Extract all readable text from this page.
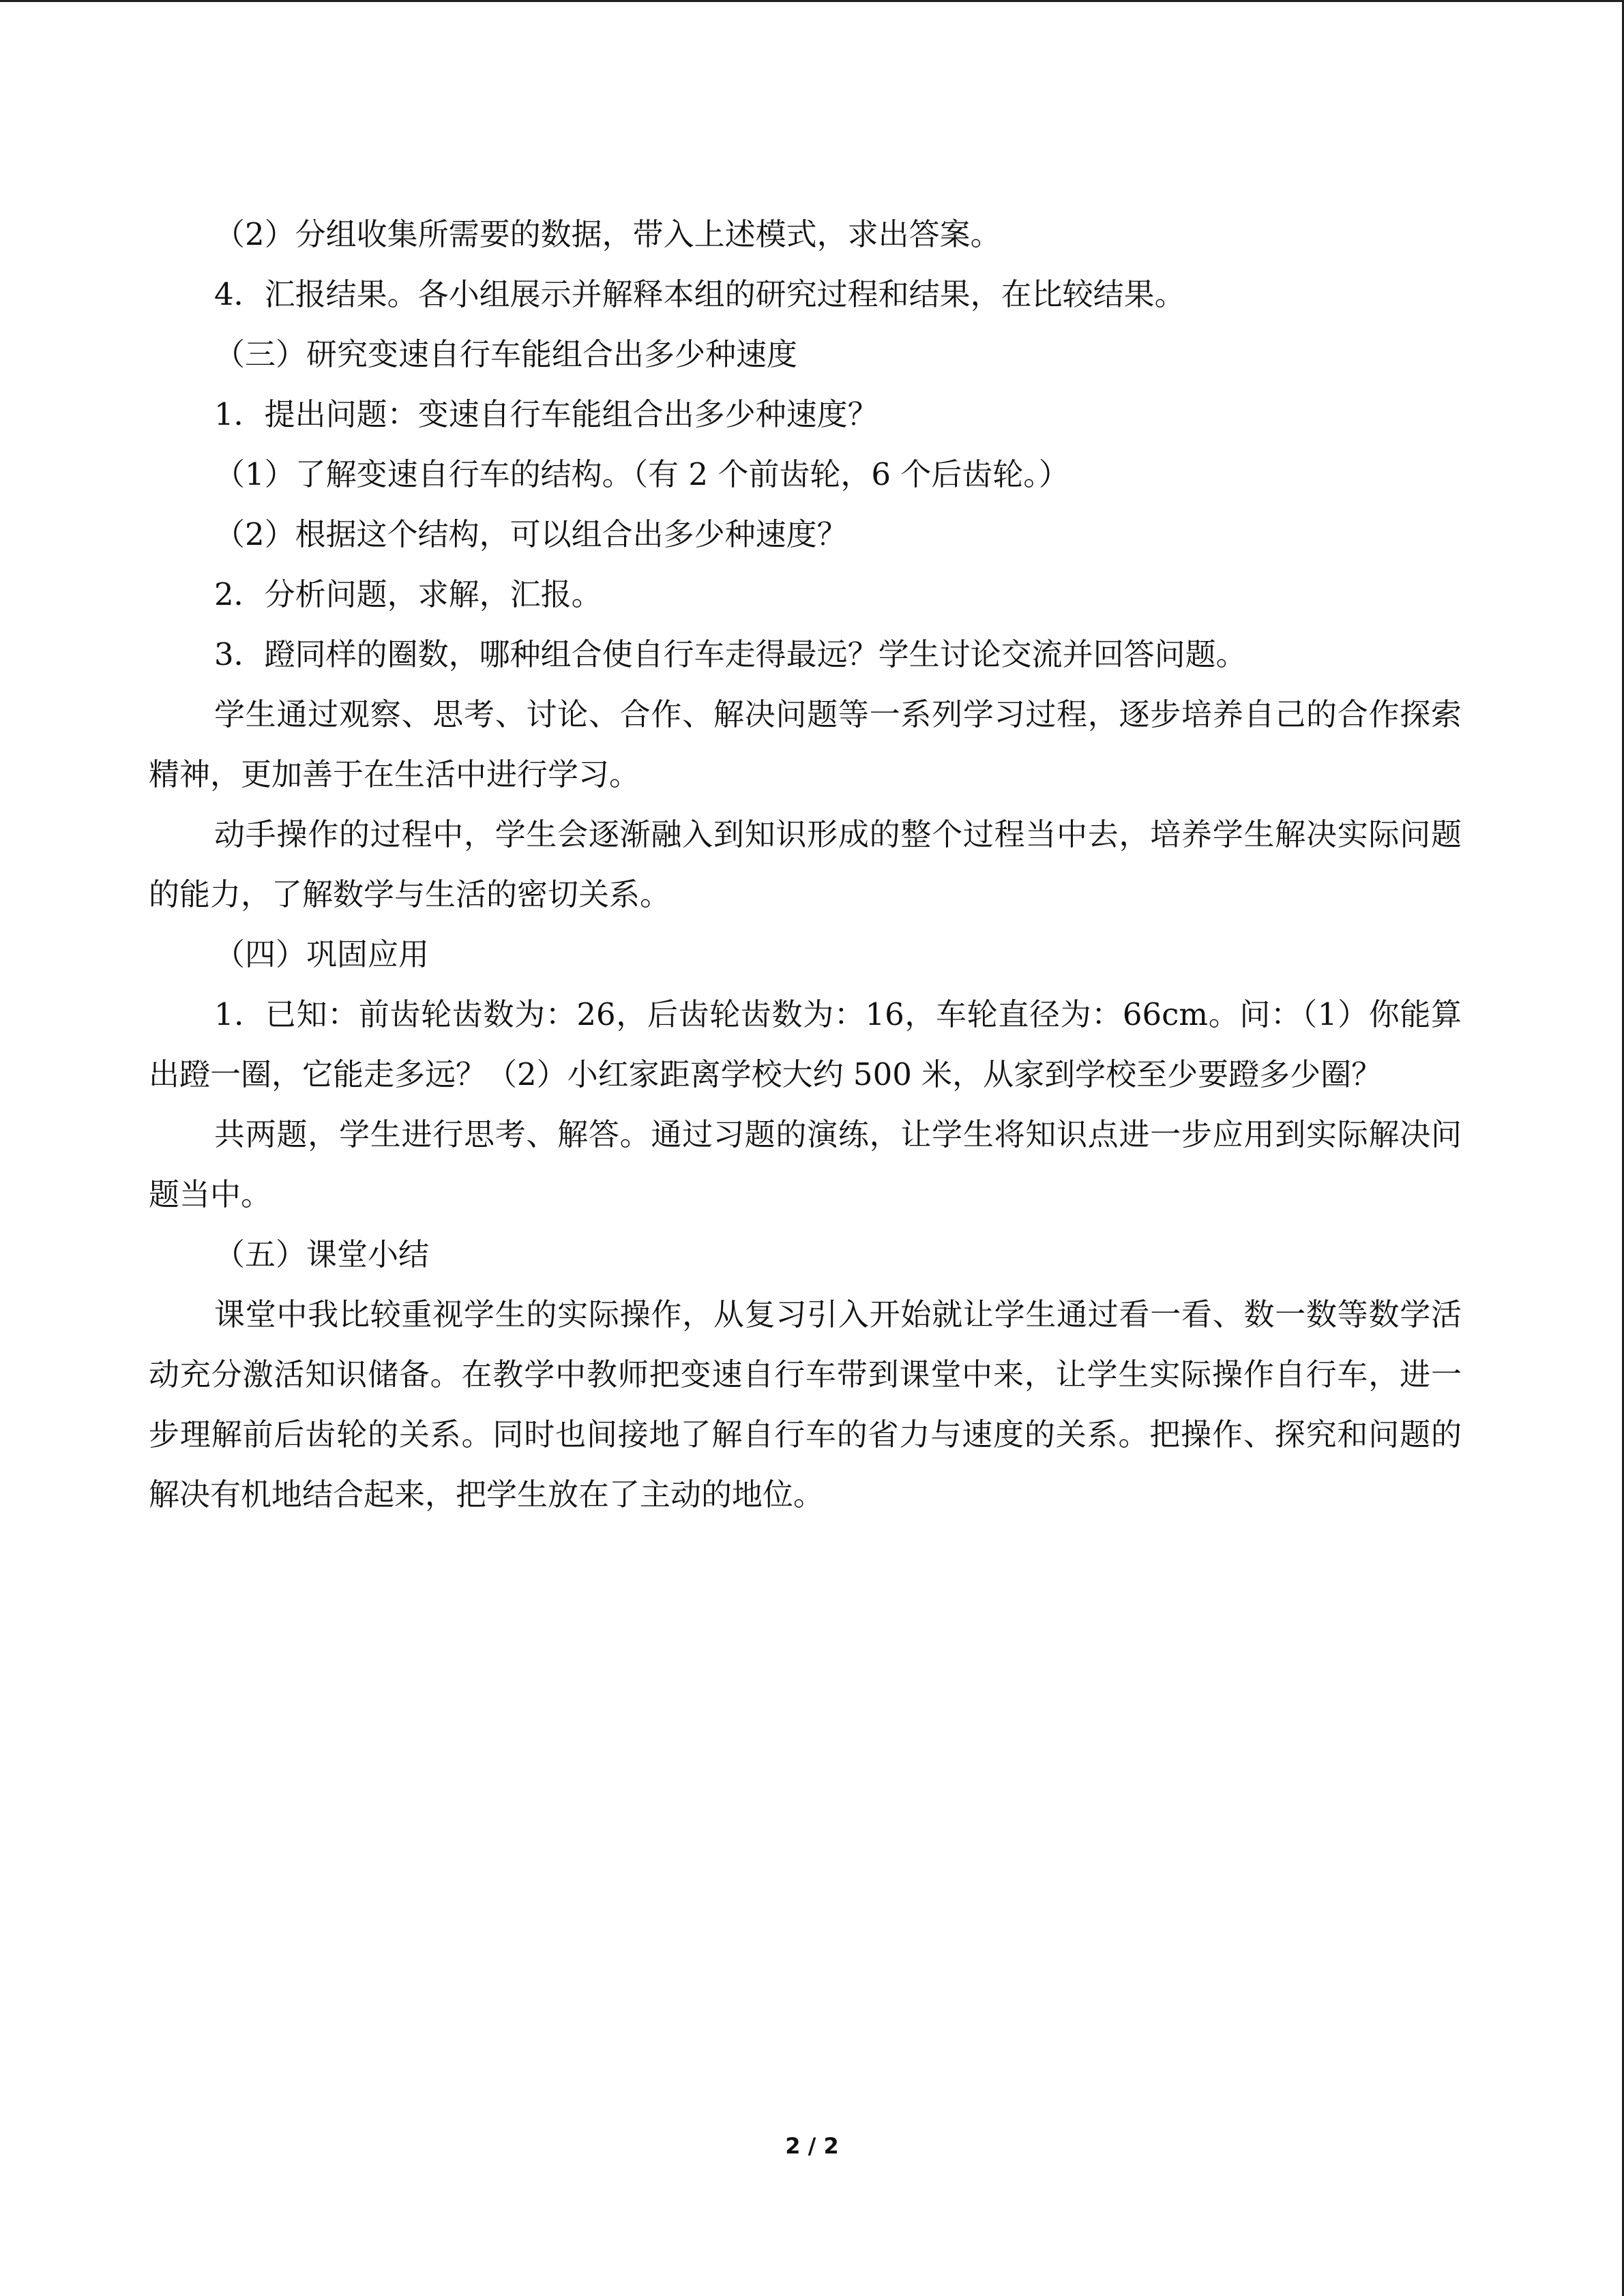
（2）分组收集所需要的数据，带入上述模式，求出答案。

4．汇报结果。各小组展示并解释本组的研究过程和结果，在比较结果。

（三）研究变速自行车能组合出多少种速度

1．提出问题：变速自行车能组合出多少种速度？

（1）了解变速自行车的结构。（有 2 个前齿轮，6 个后齿轮。）

（2）根据这个结构，可以组合出多少种速度？

2．分析问题，求解，汇报。

3．蹬同样的圈数，哪种组合使自行车走得最远？学生讨论交流并回答问题。

学生通过观察、思考、讨论、合作、解决问题等一系列学习过程，逐步培养自己的合作探索精神，更加善于在生活中进行学习。

动手操作的过程中，学生会逐渐融入到知识形成的整个过程当中去，培养学生解决实际问题的能力，了解数学与生活的密切关系。

（四）巩固应用

1．已知：前齿轮齿数为：26，后齿轮齿数为：16，车轮直径为：66cm。问：（1）你能算出蹬一圈，它能走多远？（2）小红家距离学校大约 500 米，从家到学校至少要蹬多少圈？

共两题，学生进行思考、解答。通过习题的演练，让学生将知识点进一步应用到实际解决问题当中。

（五）课堂小结

课堂中我比较重视学生的实际操作，从复习引入开始就让学生通过看一看、数一数等数学活动充分激活知识储备。在教学中教师把变速自行车带到课堂中来，让学生实际操作自行车，进一步理解前后齿轮的关系。同时也间接地了解自行车的省力与速度的关系。把操作、探究和问题的解决有机地结合起来，把学生放在了主动的地位。

2 / 2
